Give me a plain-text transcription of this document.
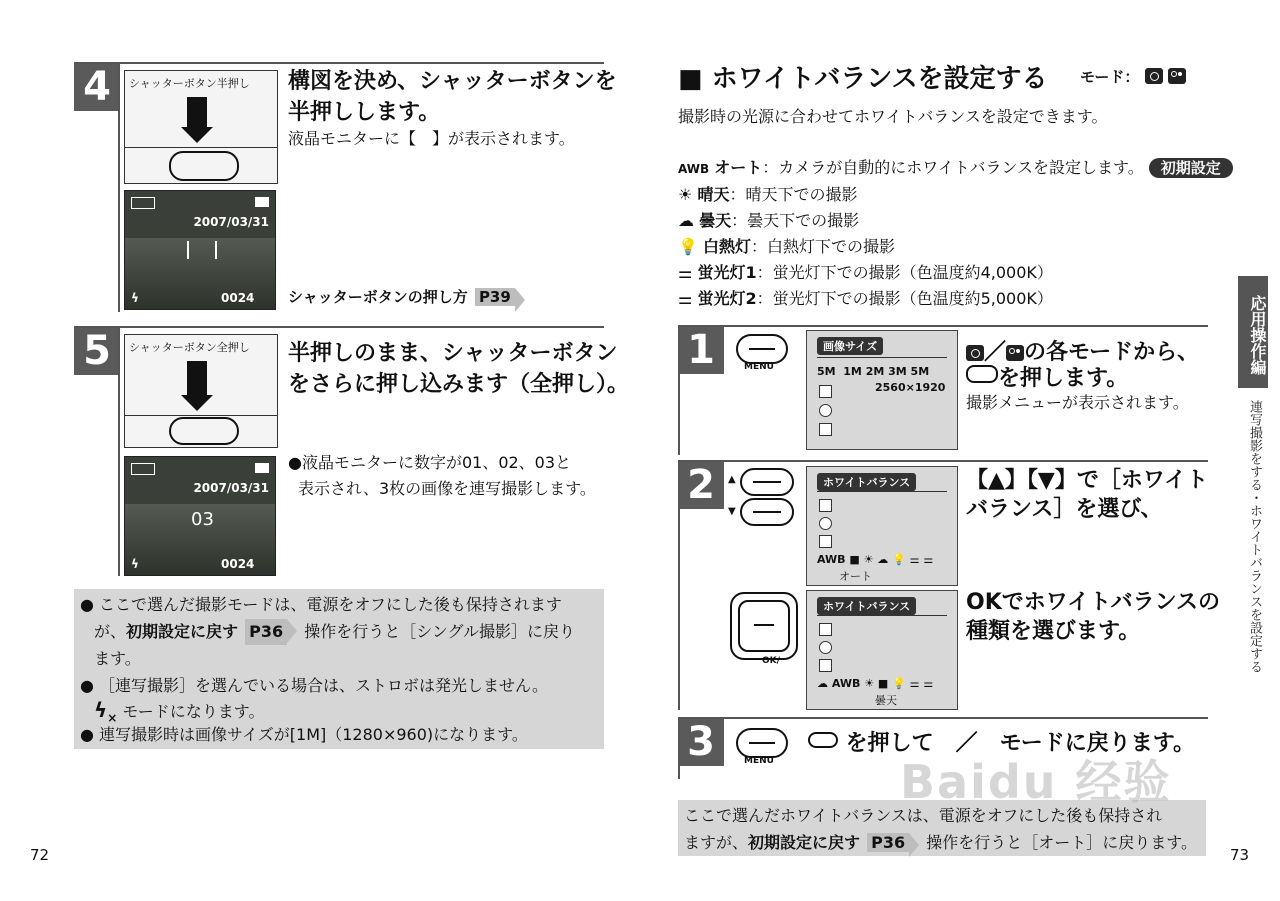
4	シャッターボタン半押し
2007/03/31
ϟ	0024
構図を決め、シャッターボタンを
半押しします。
液晶モニターに【　】が表示されます。
シャッターボタンの押し方 P39
5	シャッターボタン全押し
2007/03/31
03
ϟ	0024
半押しのまま、シャッターボタン
をさらに押し込みます（全押し）。
●液晶モニターに数字が01、02、03と
表示され、3枚の画像を連写撮影します。
● ここで選んだ撮影モードは、電源をオフにした後も保持されます
が、初期設定に戻す P36 操作を行うと［シングル撮影］に戻り
ます。
● ［連写撮影］を選んでいる場合は、ストロボは発光しません。
$ϟ_\times$ モードになります。
● 連写撮影時は画像サイズが[1M]（1280×960)になります。
72
■ ホワイトバランスを設定する モード：
撮影時の光源に合わせてホワイトバランスを設定できます。
AWB オート：カメラが自動的にホワイトバランスを設定します。 初期設定
☀ 晴天：晴天下での撮影
☁ 曇天：曇天下での撮影
💡 白熱灯：白熱灯下での撮影
⚌ 蛍光灯1：蛍光灯下での撮影（色温度約4,000K）
⚌ 蛍光灯2：蛍光灯下での撮影（色温度約5,000K）
1	MENU
画像サイズ
5M  1M 2M 3M 5M
2560×1920
／ の各モードから、
を押します。
撮影メニューが表示されます。
2	▲
▼
ホワイトバランス
AWB ■ ☀ ☁ 💡 ⚌ ⚌
オート
OK/
ホワイトバランス
☁ AWB ☀ ■ 💡 ⚌ ⚌
曇天
【▲】【▼】で［ホワイト
バランス］を選び、
OKでホワイトバランスの
種類を選びます。
3	MENU
を押して　／　モードに戻ります。
ここで選んだホワイトバランスは、電源をオフにした後も保持され
ますが、初期設定に戻す P36 操作を行うと［オート］に戻ります。
応用操作編
連写撮影をする・ホワイトバランスを設定する
73
Baidu 经验
